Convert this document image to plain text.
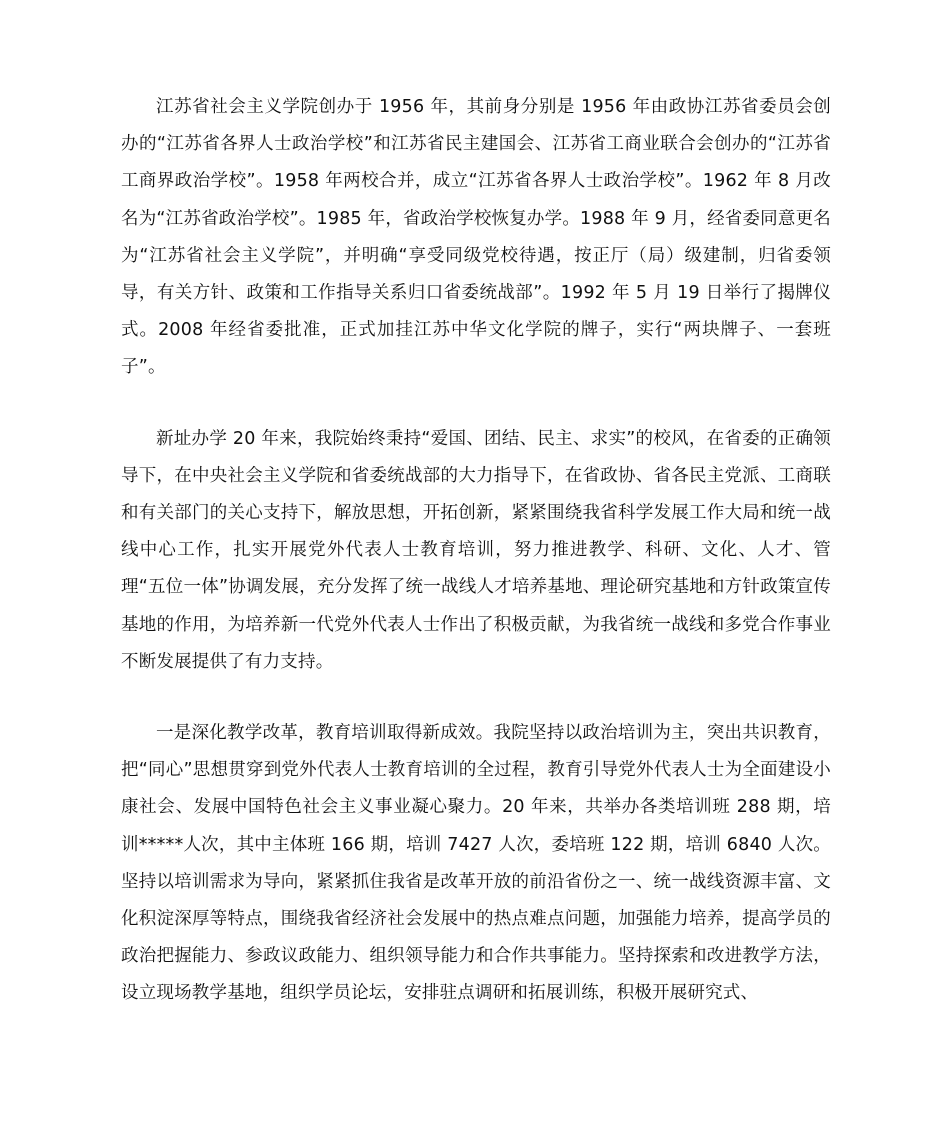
江苏省社会主义学院创办于 1956 年，其前身分别是 1956 年由政协江苏省委员会创办的“江苏省各界人士政治学校”和江苏省民主建国会、江苏省工商业联合会创办的“江苏省工商界政治学校”。1958 年两校合并，成立“江苏省各界人士政治学校”。1962 年 8 月改名为“江苏省政治学校”。1985 年，省政治学校恢复办学。1988 年 9 月，经省委同意更名为“江苏省社会主义学院”，并明确“享受同级党校待遇，按正厅（局）级建制，归省委领导，有关方针、政策和工作指导关系归口省委统战部”。1992 年 5 月 19 日举行了揭牌仪式。2008 年经省委批准，正式加挂江苏中华文化学院的牌子，实行“两块牌子、一套班子”。

新址办学 20 年来，我院始终秉持“爱国、团结、民主、求实”的校风，在省委的正确领导下，在中央社会主义学院和省委统战部的大力指导下，在省政协、省各民主党派、工商联和有关部门的关心支持下，解放思想，开拓创新，紧紧围绕我省科学发展工作大局和统一战线中心工作，扎实开展党外代表人士教育培训，努力推进教学、科研、文化、人才、管理“五位一体”协调发展，充分发挥了统一战线人才培养基地、理论研究基地和方针政策宣传基地的作用，为培养新一代党外代表人士作出了积极贡献，为我省统一战线和多党合作事业不断发展提供了有力支持。

一是深化教学改革，教育培训取得新成效。我院坚持以政治培训为主，突出共识教育，把“同心”思想贯穿到党外代表人士教育培训的全过程，教育引导党外代表人士为全面建设小康社会、发展中国特色社会主义事业凝心聚力。20 年来，共举办各类培训班 288 期，培训*****人次，其中主体班 166 期，培训 7427 人次，委培班 122 期，培训 6840 人次。坚持以培训需求为导向，紧紧抓住我省是改革开放的前沿省份之一、统一战线资源丰富、文化积淀深厚等特点，围绕我省经济社会发展中的热点难点问题，加强能力培养，提高学员的政治把握能力、参政议政能力、组织领导能力和合作共事能力。坚持探索和改进教学方法，设立现场教学基地，组织学员论坛，安排驻点调研和拓展训练，积极开展研究式、
